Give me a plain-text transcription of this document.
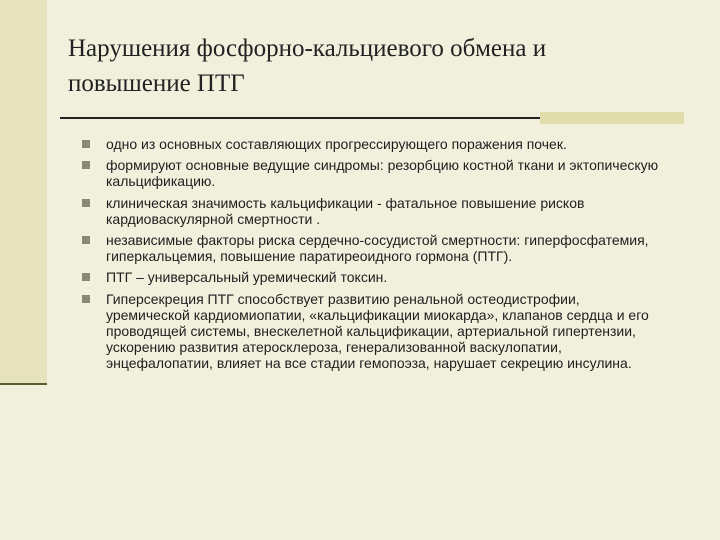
Нарушения фосфорно-кальциевого обмена и
повышение ПТГ
одно из основных составляющих прогрессирующего поражения почек.
формируют основные ведущие синдромы: резорбцию костной ткани и эктопическую кальцификацию.
клиническая значимость кальцификации - фатальное повышение рисков кардиоваскулярной смертности .
независимые факторы риска сердечно-сосудистой смертности: гиперфосфатемия, гиперкальцемия, повышение паратиреоидного гормона (ПТГ).
ПТГ – универсальный уремический токсин.
Гиперсекреция ПТГ способствует развитию ренальной остеодистрофии, уремической кардиомиопатии, «кальцификации миокарда», клапанов сердца и его проводящей системы, внескелетной кальцификации, артериальной гипертензии, ускорению развития атеросклероза, генерализованной васкулопатии, энцефалопатии, влияет на все стадии гемопоэза, нарушает секрецию инсулина.
